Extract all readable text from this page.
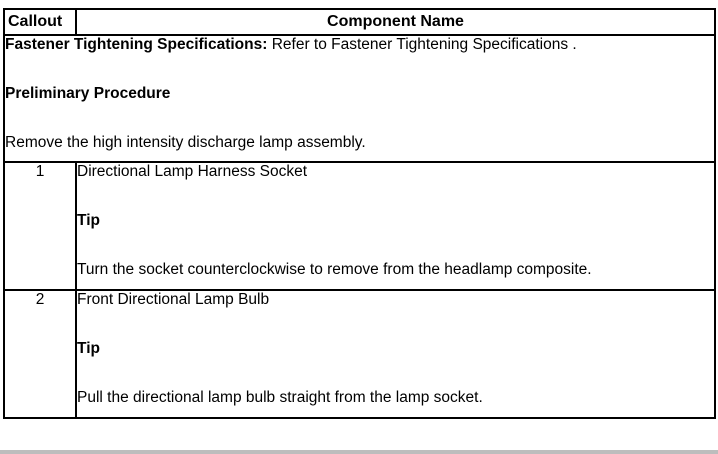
Callout	Component Name

Fastener Tightening Specifications: Refer to Fastener Tightening Specifications .
Preliminary Procedure
Remove the high intensity discharge lamp assembly.	

1	Directional Lamp Harness Socket
Tip
Turn the socket counterclockwise to remove from the headlamp composite.

2	Front Directional Lamp Bulb
Tip
Pull the directional lamp bulb straight from the lamp socket.
